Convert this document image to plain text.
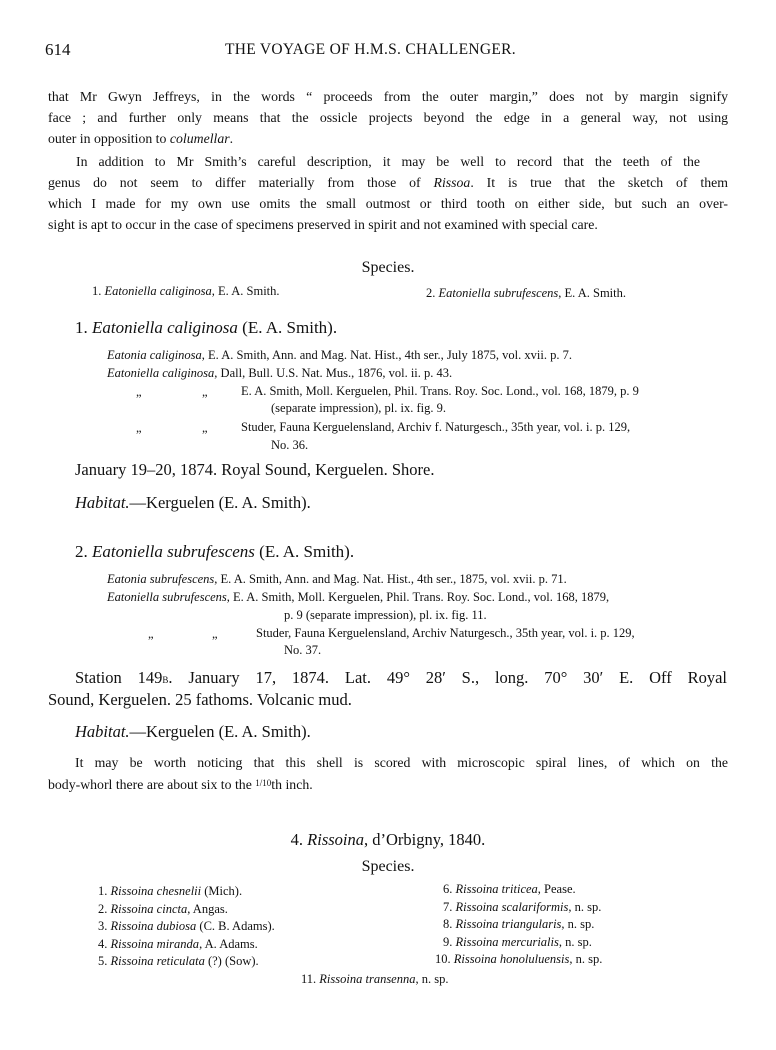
614	THE VOYAGE OF H.M.S. CHALLENGER.
that Mr Gwyn Jeffreys, in the words “ proceeds from the outer margin,” does not by margin signify
face ; and further only means that the ossicle projects beyond the edge in a general way, not using
outer in opposition to columellar.
In addition to Mr Smith’s careful description, it may be well to record that the teeth of the
genus do not seem to differ materially from those of Rissoa. It is true that the sketch of them
which I made for my own use omits the small outmost or third tooth on either side, but such an over-
sight is apt to occur in the case of specimens preserved in spirit and not examined with special care.
Species.
1. Eatoniella caliginosa, E. A. Smith.	2. Eatoniella subrufescens, E. A. Smith.
1. Eatoniella caliginosa (E. A. Smith).
Eatonia caliginosa, E. A. Smith, Ann. and Mag. Nat. Hist., 4th ser., July 1875, vol. xvii. p. 7.
Eatoniella caliginosa, Dall, Bull. U.S. Nat. Mus., 1876, vol. ii. p. 43.
„	„	E. A. Smith, Moll. Kerguelen, Phil. Trans. Roy. Soc. Lond., vol. 168, 1879, p. 9
(separate impression), pl. ix. fig. 9.
„	„	Studer, Fauna Kerguelensland, Archiv f. Naturgesch., 35th year, vol. i. p. 129,
No. 36.
January 19–20, 1874. Royal Sound, Kerguelen. Shore.
Habitat.—Kerguelen (E. A. Smith).
2. Eatoniella subrufescens (E. A. Smith).
Eatonia subrufescens, E. A. Smith, Ann. and Mag. Nat. Hist., 4th ser., 1875, vol. xvii. p. 71.
Eatoniella subrufescens, E. A. Smith, Moll. Kerguelen, Phil. Trans. Roy. Soc. Lond., vol. 168, 1879,
p. 9 (separate impression), pl. ix. fig. 11.
„	„	Studer, Fauna Kerguelensland, Archiv Naturgesch., 35th year, vol. i. p. 129,
No. 37.
Station 149b. January 17, 1874. Lat. 49° 28′ S., long. 70° 30′ E. Off Royal
Sound, Kerguelen. 25 fathoms. Volcanic mud.
Habitat.—Kerguelen (E. A. Smith).
It may be worth noticing that this shell is scored with microscopic spiral lines, of which on the
body-whorl there are about six to the $^{1/10}$th inch.
4. Rissoina, d’Orbigny, 1840.
Species.
1. Rissoina chesnelii (Mich).
2. Rissoina cincta, Angas.
3. Rissoina dubiosa (C. B. Adams).
4. Rissoina miranda, A. Adams.
5. Rissoina reticulata (?) (Sow).
6. Rissoina triticea, Pease.
7. Rissoina scalariformis, n. sp.
8. Rissoina triangularis, n. sp.
9. Rissoina mercurialis, n. sp.
10. Rissoina honoluluensis, n. sp.
11. Rissoina transenna, n. sp.
